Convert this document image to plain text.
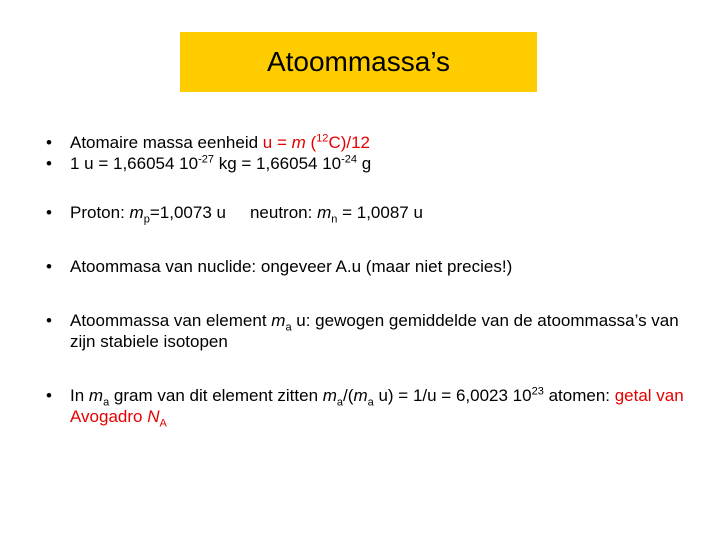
Atoommassa’s
• Atomaire massa eenheid u = m ($^{12}$C)/12
• 1 u = 1,66054 $10^{-27}$ kg = 1,66054 $10^{-24}$ g
• Proton: $m_p=1,0073$ u neutron: $m_n = 1,0087$ u
• Atoommasa van nuclide: ongeveer A.u (maar niet precies!)
• Atoommassa van element $m_a$ u: gewogen gemiddelde van de atoommassa’s van zijn stabiele isotopen
• In $m_a$ gram van dit element zitten $m_a/(m_a$ u) = 1/u = 6,0023 $10^{23}$ atomen: getal van Avogadro $N_A$
